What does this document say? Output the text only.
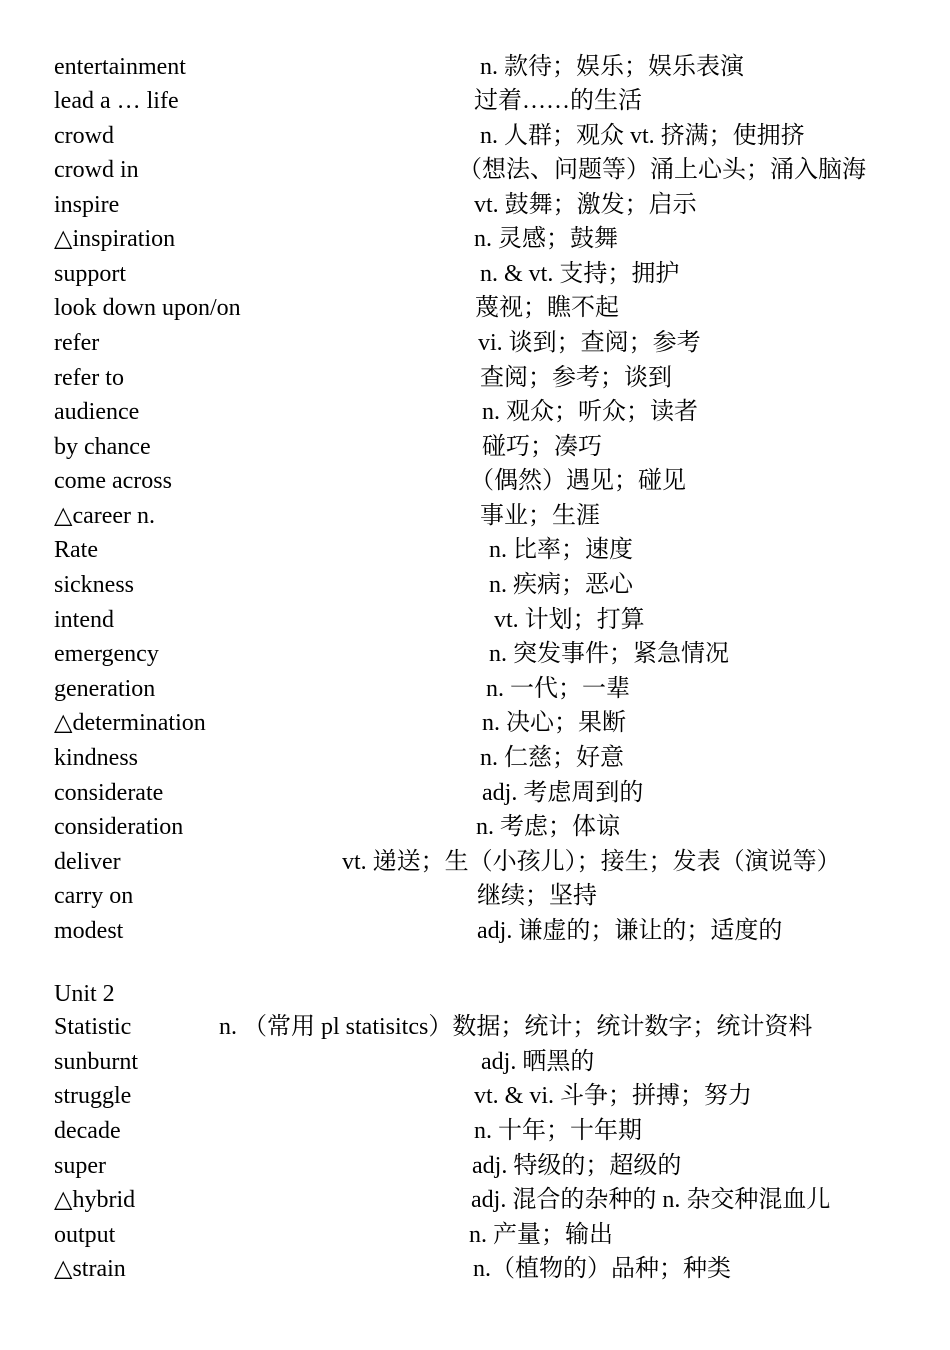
entertainment	n. 款待；娱乐；娱乐表演
lead a … life	过着……的生活
crowd	n. 人群；观众 vt. 挤满；使拥挤
crowd in	（想法、问题等）涌上心头；涌入脑海
inspire	vt. 鼓舞；激发；启示
△inspiration	n. 灵感；鼓舞
support	n. & vt. 支持；拥护
look down upon/on	蔑视；瞧不起
refer	vi. 谈到；查阅；参考
refer to	查阅；参考；谈到
audience	n. 观众；听众；读者
by chance	碰巧；凑巧
come across	（偶然）遇见；碰见
△career n.	事业；生涯
Rate	n. 比率；速度
sickness	n. 疾病；恶心
intend	vt. 计划；打算
emergency	n. 突发事件；紧急情况
generation	n. 一代；一辈
△determination	n. 决心；果断
kindness	n. 仁慈；好意
considerate	adj. 考虑周到的
consideration	n. 考虑；体谅
deliver	vt. 递送；生（小孩儿）；接生；发表（演说等）
carry on	继续；坚持
modest	adj. 谦虚的；谦让的；适度的
Unit 2
Statistic	n. （常用 pl statisitcs）数据；统计；统计数字；统计资料
sunburnt	adj. 晒黑的
struggle	vt. & vi. 斗争；拼搏；努力
decade	n. 十年；十年期
super	adj. 特级的；超级的
△hybrid	adj. 混合的杂种的 n. 杂交种混血儿
output	n. 产量；输出
△strain	n.（植物的）品种；种类
